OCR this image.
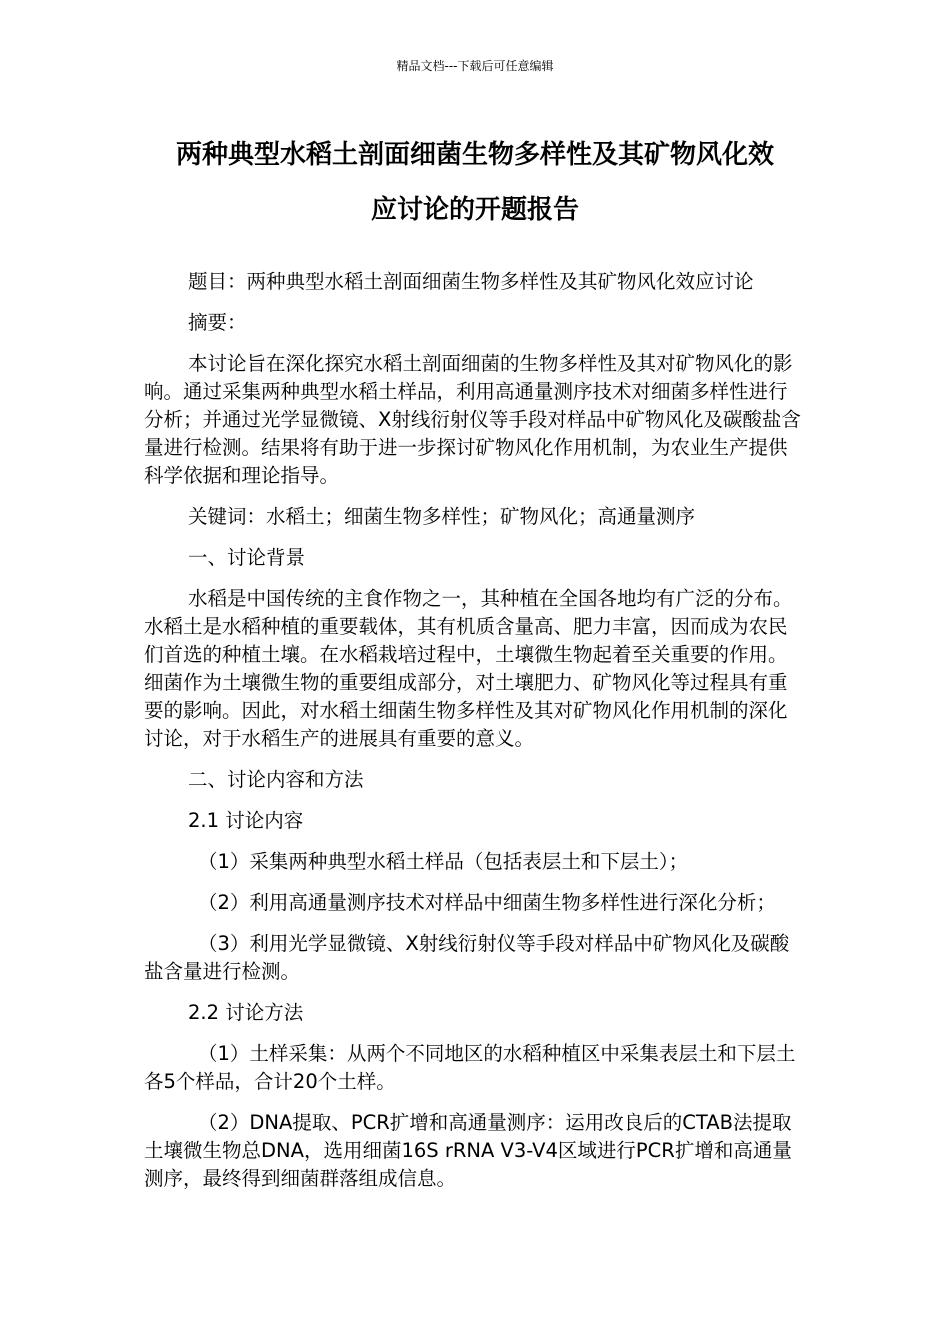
精品文档---下载后可任意编辑
两种典型水稻土剖面细菌生物多样性及其矿物风化效
应讨论的开题报告

题目：两种典型水稻土剖面细菌生物多样性及其矿物风化效应讨论

摘要：

本讨论旨在深化探究水稻土剖面细菌的生物多样性及其对矿物风化的影响。通过采集两种典型水稻土样品，利用高通量测序技术对细菌多样性进行分析；并通过光学显微镜、X射线衍射仪等手段对样品中矿物风化及碳酸盐含量进行检测。结果将有助于进一步探讨矿物风化作用机制，为农业生产提供科学依据和理论指导。

关键词：水稻土；细菌生物多样性；矿物风化；高通量测序

一、讨论背景

水稻是中国传统的主食作物之一，其种植在全国各地均有广泛的分布。水稻土是水稻种植的重要载体，其有机质含量高、肥力丰富，因而成为农民们首选的种植土壤。在水稻栽培过程中，土壤微生物起着至关重要的作用。细菌作为土壤微生物的重要组成部分，对土壤肥力、矿物风化等过程具有重要的影响。因此，对水稻土细菌生物多样性及其对矿物风化作用机制的深化讨论，对于水稻生产的进展具有重要的意义。

二、讨论内容和方法

2.1 讨论内容

（1）采集两种典型水稻土样品（包括表层土和下层土）；

（2）利用高通量测序技术对样品中细菌生物多样性进行深化分析；

（3）利用光学显微镜、X射线衍射仪等手段对样品中矿物风化及碳酸盐含量进行检测。

2.2 讨论方法

（1）土样采集：从两个不同地区的水稻种植区中采集表层土和下层土各5个样品，合计20个土样。

（2）DNA提取、PCR扩增和高通量测序：运用改良后的CTAB法提取土壤微生物总DNA，选用细菌16S rRNA V3-V4区域进行PCR扩增和高通量测序，最终得到细菌群落组成信息。
